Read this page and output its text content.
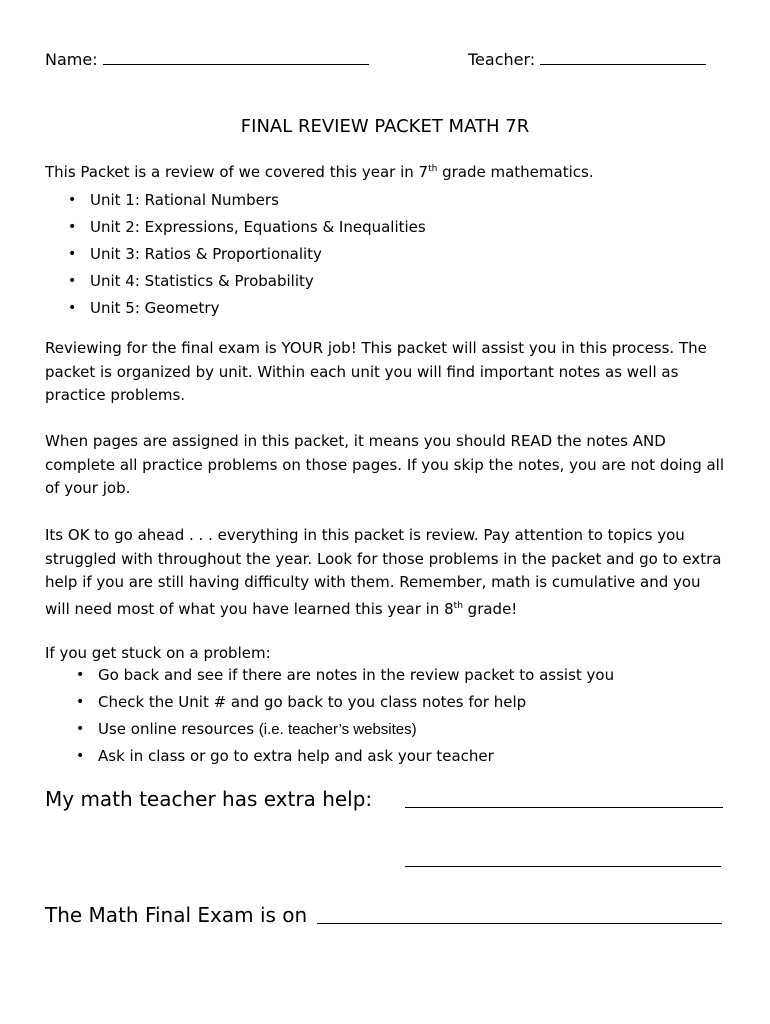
Name:	Teacher:
FINAL REVIEW PACKET MATH 7R

This Packet is a review of we covered this year in 7th grade mathematics.

• Unit 1: Rational Numbers
• Unit 2: Expressions, Equations & Inequalities
• Unit 3: Ratios & Proportionality
• Unit 4: Statistics & Probability
• Unit 5: Geometry

Reviewing for the final exam is YOUR job! This packet will assist you in this process. The packet is organized by unit. Within each unit you will find important notes as well as practice problems.

When pages are assigned in this packet, it means you should READ the notes AND complete all practice problems on those pages. If you skip the notes, you are not doing all of your job.

Its OK to go ahead . . . everything in this packet is review. Pay attention to topics you struggled with throughout the year. Look for those problems in the packet and go to extra help if you are still having difficulty with them. Remember, math is cumulative and you will need most of what you have learned this year in 8th grade!

If you get stuck on a problem:

• Go back and see if there are notes in the review packet to assist you
• Check the Unit # and go back to you class notes for help
• Use online resources (i.e. teacher’s websites)
• Ask in class or go to extra help and ask your teacher
My math teacher has extra help:
The Math Final Exam is on
